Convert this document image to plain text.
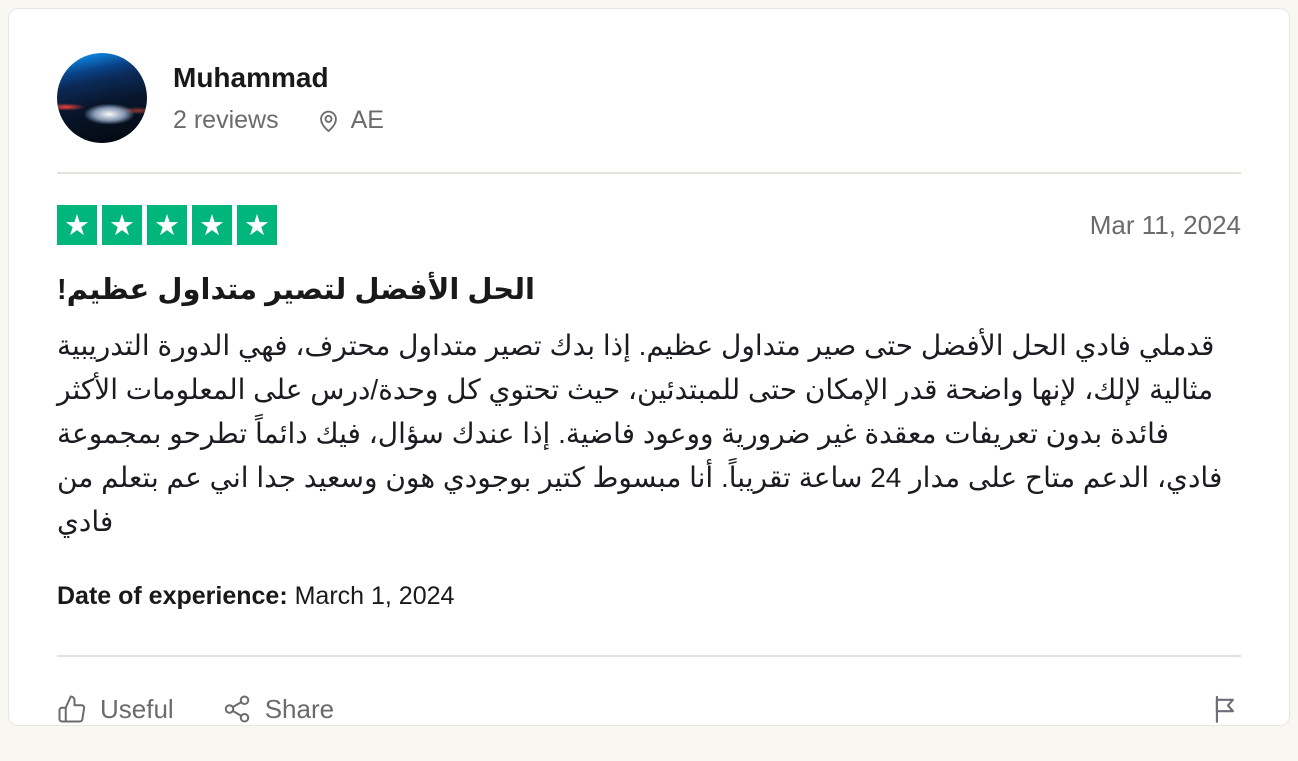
Muhammad
2 reviews	AE
★ ★ ★ ★ ★	Mar 11, 2024
الحل الأفضل لتصير متداول عظيم!

قدملي فادي الحل الأفضل حتى صير متداول عظيم. إذا بدك تصير متداول محترف، فهي الدورة التدريبية مثالية لإلك، لإنها واضحة قدر الإمكان حتى للمبتدئين، حيث تحتوي كل وحدة/درس على المعلومات الأكثر فائدة بدون تعريفات معقدة غير ضرورية ووعود فاضية. إذا عندك سؤال، فيك دائماً تطرحو بمجموعة فادي، الدعم متاح على مدار 24 ساعة تقريباً. أنا مبسوط كتير بوجودي هون وسعيد جدا اني عم بتعلم من فادي

Date of experience: March 1, 2024

Useful	Share
